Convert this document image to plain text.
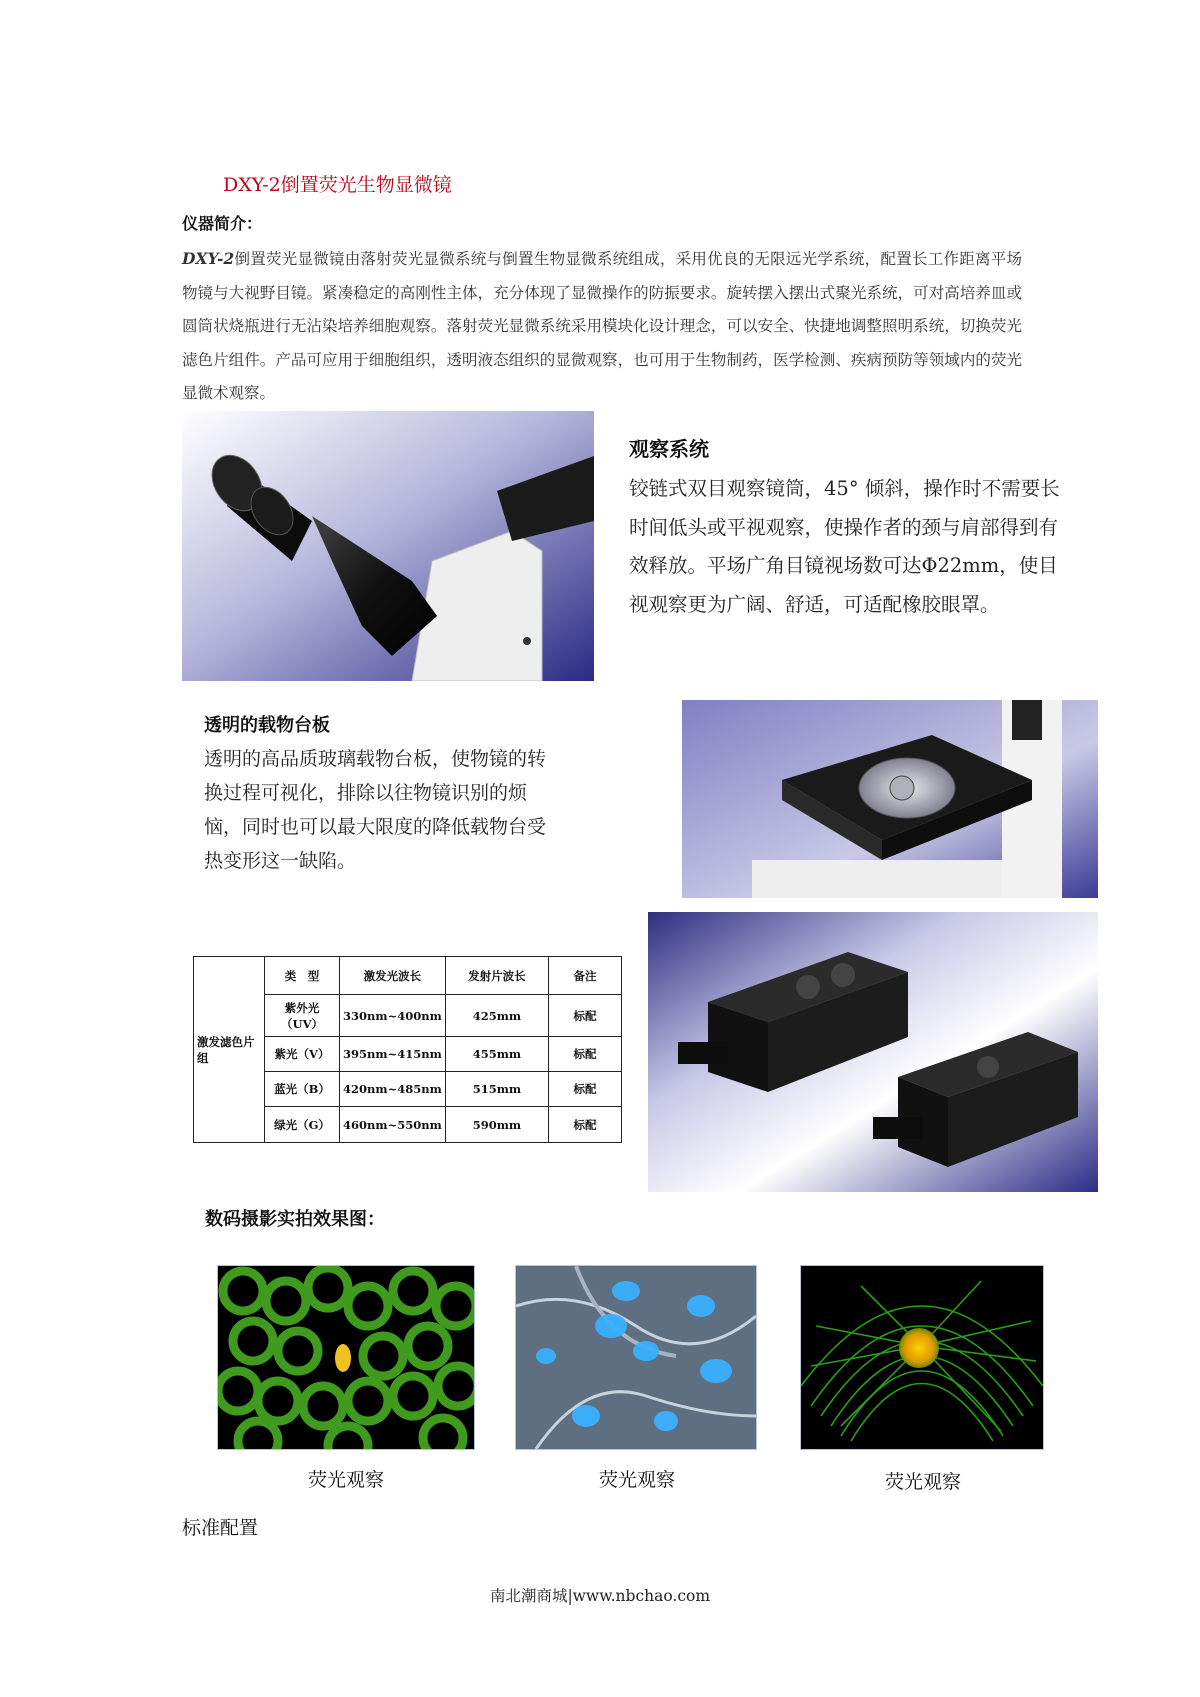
DXY-2倒置荧光生物显微镜
仪器简介：
DXY-2倒置荧光显微镜由落射荧光显微系统与倒置生物显微系统组成，采用优良的无限远光学系统，配置长工作距离平场物镜与大视野目镜。紧凑稳定的高刚性主体，充分体现了显微操作的防振要求。旋转摆入摆出式聚光系统，可对高培养皿或圆筒状烧瓶进行无沾染培养细胞观察。落射荧光显微系统采用模块化设计理念，可以安全、快捷地调整照明系统，切换荧光滤色片组件。产品可应用于细胞组织，透明液态组织的显微观察，也可用于生物制药，医学检测、疾病预防等领域内的荧光显微术观察。
观察系统
铰链式双目观察镜筒，45° 倾斜，操作时不需要长时间低头或平视观察，使操作者的颈与肩部得到有效释放。平场广角目镜视场数可达Φ22mm，使目视观察更为广阔、舒适，可适配橡胶眼罩。
透明的载物台板
透明的高品质玻璃载物台板，使物镜的转换过程可视化，排除以往物镜识别的烦恼，同时也可以最大限度的降低载物台受热变形这一缺陷。
激发滤色片组	类　型	激发光波长	发射片波长	备注
	紫外光（UV）	330nm~400nm	425mm	标配
	紫光（V）	395nm~415nm	455mm	标配
	蓝光（B）	420nm~485nm	515mm	标配
	绿光（G）	460nm~550nm	590mm	标配
数码摄影实拍效果图：
荧光观察	荧光观察	荧光观察
标准配置
南北潮商城|www.nbchao.com
